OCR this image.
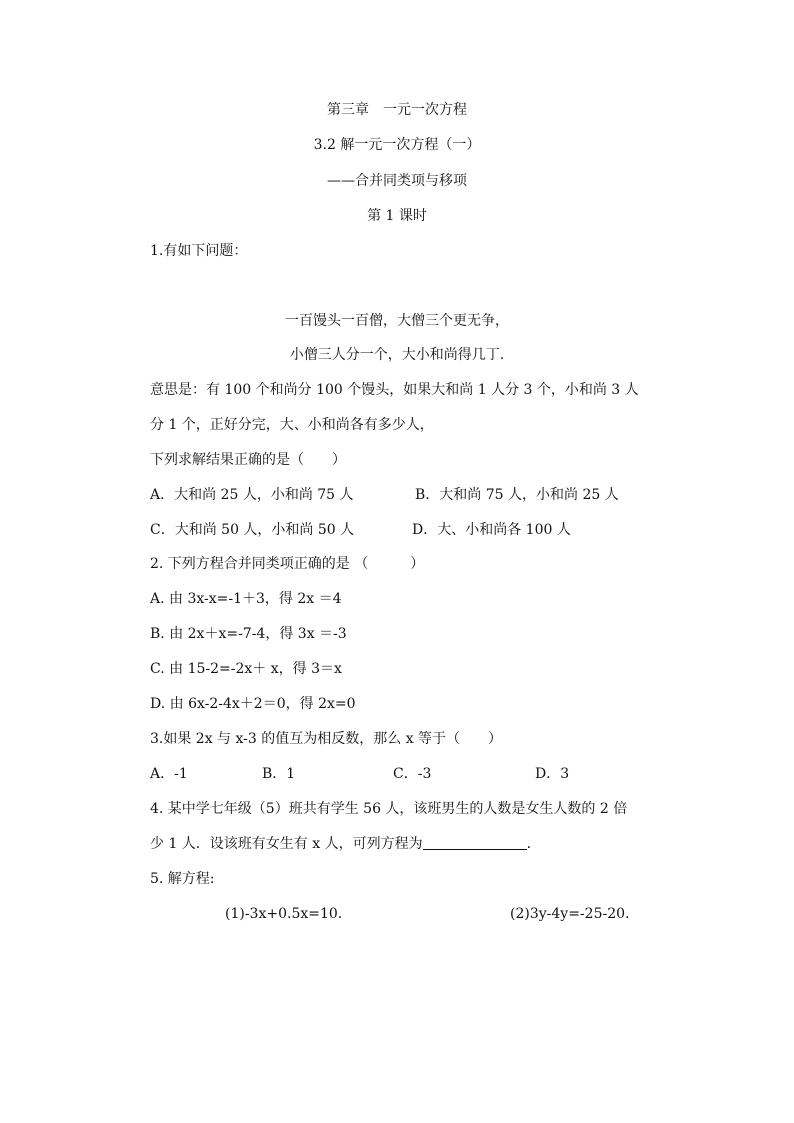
第三章　一元一次方程
3.2 解一元一次方程（一）
——合并同类项与移项
第 1 课时
1.有如下问题：
一百馒头一百僧，大僧三个更无争，
小僧三人分一个，大小和尚得几丁.
意思是：有 100 个和尚分 100 个馒头，如果大和尚 1 人分 3 个，小和尚 3 人
分 1 个，正好分完，大、小和尚各有多少人，
下列求解结果正确的是（　　）
A．大和尚 25 人，小和尚 75 人	B．大和尚 75 人，小和尚 25 人
C．大和尚 50 人，小和尚 50 人	D．大、小和尚各 100 人
2. 下列方程合并同类项正确的是 （　　　）
A. 由 3x-x=-1＋3，得 2x ＝4
B. 由 2x＋x=-7-4，得 3x ＝-3
C. 由 15-2=-2x＋ x，得 3＝x
D. 由 6x-2-4x＋2＝0，得 2x=0
3.如果 2x 与 x-3 的值互为相反数，那么 x 等于（　　）
A．-1	B．1	C．-3	D．3
4. 某中学七年级（5）班共有学生 56 人，该班男生的人数是女生人数的 2 倍
少 1 人．设该班有女生有 x 人，可列方程为	.
5. 解方程:
(1)-3x+0.5x=10.	(2)3y-4y=-25-20.
